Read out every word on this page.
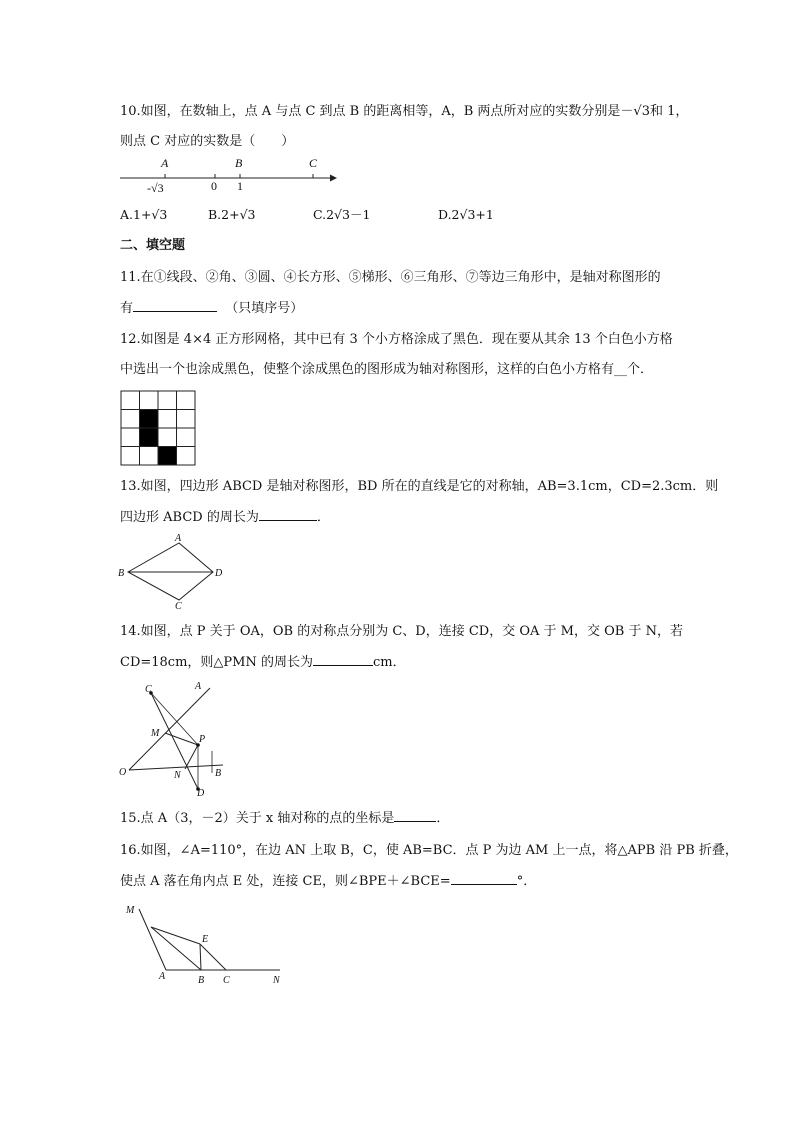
10.如图，在数轴上，点 A 与点 C 到点 B 的距离相等，A，B 两点所对应的实数分别是－√3和 1，
则点 C 对应的实数是（　　）
A	B	C
-√3	0 1
A.1+√3	B.2+√3	C.2√3－1	D.2√3+1
二、填空题
11.在①线段、②角、③圆、④长方形、⑤梯形、⑥三角形、⑦等边三角形中，是轴对称图形的
有	（只填序号）
12.如图是 4×4 正方形网格，其中已有 3 个小方格涂成了黑色．现在要从其余 13 个白色小方格
中选出一个也涂成黑色，使整个涂成黑色的图形成为轴对称图形，这样的白色小方格有__个．
13.如图，四边形 ABCD 是轴对称图形，BD 所在的直线是它的对称轴，AB=3.1cm，CD=2.3cm．则
四边形 ABCD 的周长为	．
A
B	D
C
14.如图，点 P 关于 OA，OB 的对称点分别为 C、D，连接 CD，交 OA 于 M，交 OB 于 N，若
CD=18cm，则△PMN 的周长为	cm．
C	A
M
P
O	N	B
D
15.点 A（3，－2）关于 x 轴对称的点的坐标是	．
16.如图，∠A=110°，在边 AN 上取 B，C，使 AB=BC．点 P 为边 AM 上一点，将△APB 沿 PB 折叠，
使点 A 落在角内点 E 处，连接 CE，则∠BPE＋∠BCE=	°．
M
E
A	B C	N
